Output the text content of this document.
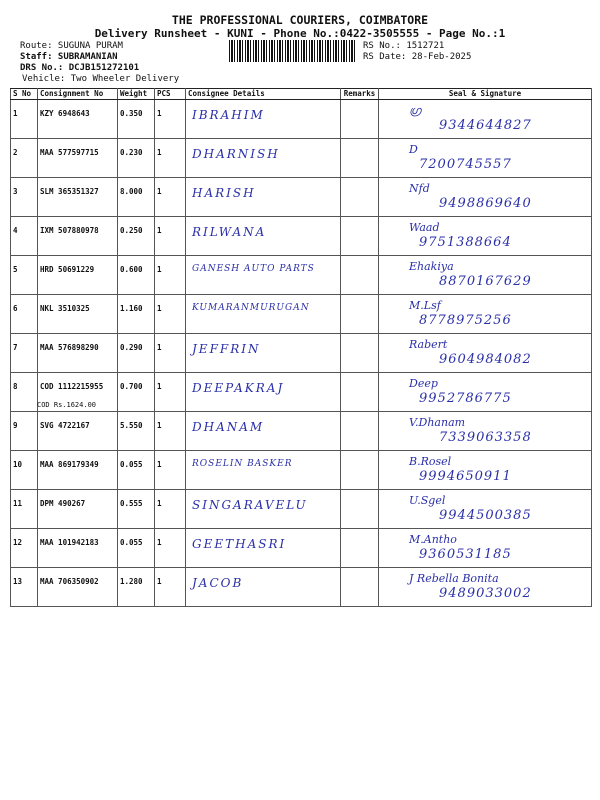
THE PROFESSIONAL COURIERS, COIMBATORE
Delivery Runsheet - KUNI - Phone No.:0422-3505555 - Page No.:1
Route: SUGUNA PURAM
Staff: SUBRAMANIAN
DRS No.: DCJB151272101
Vehicle: Two Wheeler Delivery
RS No.: 1512721
RS Date: 28-Feb-2025
S No	Consignment No	Weight	PCS	Consignee Details	Remarks	Seal & Signature
1	KZY 6948643	0.350	1	IBRAHIM		ഗ്ര
9344644827

2	MAA 577597715	0.230	1	DHARNISH		D
7200745557

3	SLM 365351327	8.000	1	HARISH		Nfd
9498869640

4	IXM 507880978	0.250	1	RILWANA		Waad
9751388664

5	HRD 50691229	0.600	1	GANESH AUTO PARTS		Ehakiya
8870167629

6	NKL 3510325	1.160	1	KUMARANMURUGAN		M.Lsf
8778975256

7	MAA 576898290	0.290	1	JEFFRIN		Rabert
9604984082

8	COD 1112215955
COD Rs.1624.00	0.700	1	DEEPAKRAJ		Deep
9952786775

9	SVG 4722167	5.550	1	DHANAM		V.Dhanam
7339063358

10	MAA 869179349	0.055	1	ROSELIN BASKER		B.Rosel
9994650911

11	DPM 490267	0.555	1	SINGARAVELU		U.Sgel
9944500385

12	MAA 101942183	0.055	1	GEETHASRI		M.Antho
9360531185

13	MAA 706350902	1.280	1	JACOB		J Rebella Bonita
9489033002
